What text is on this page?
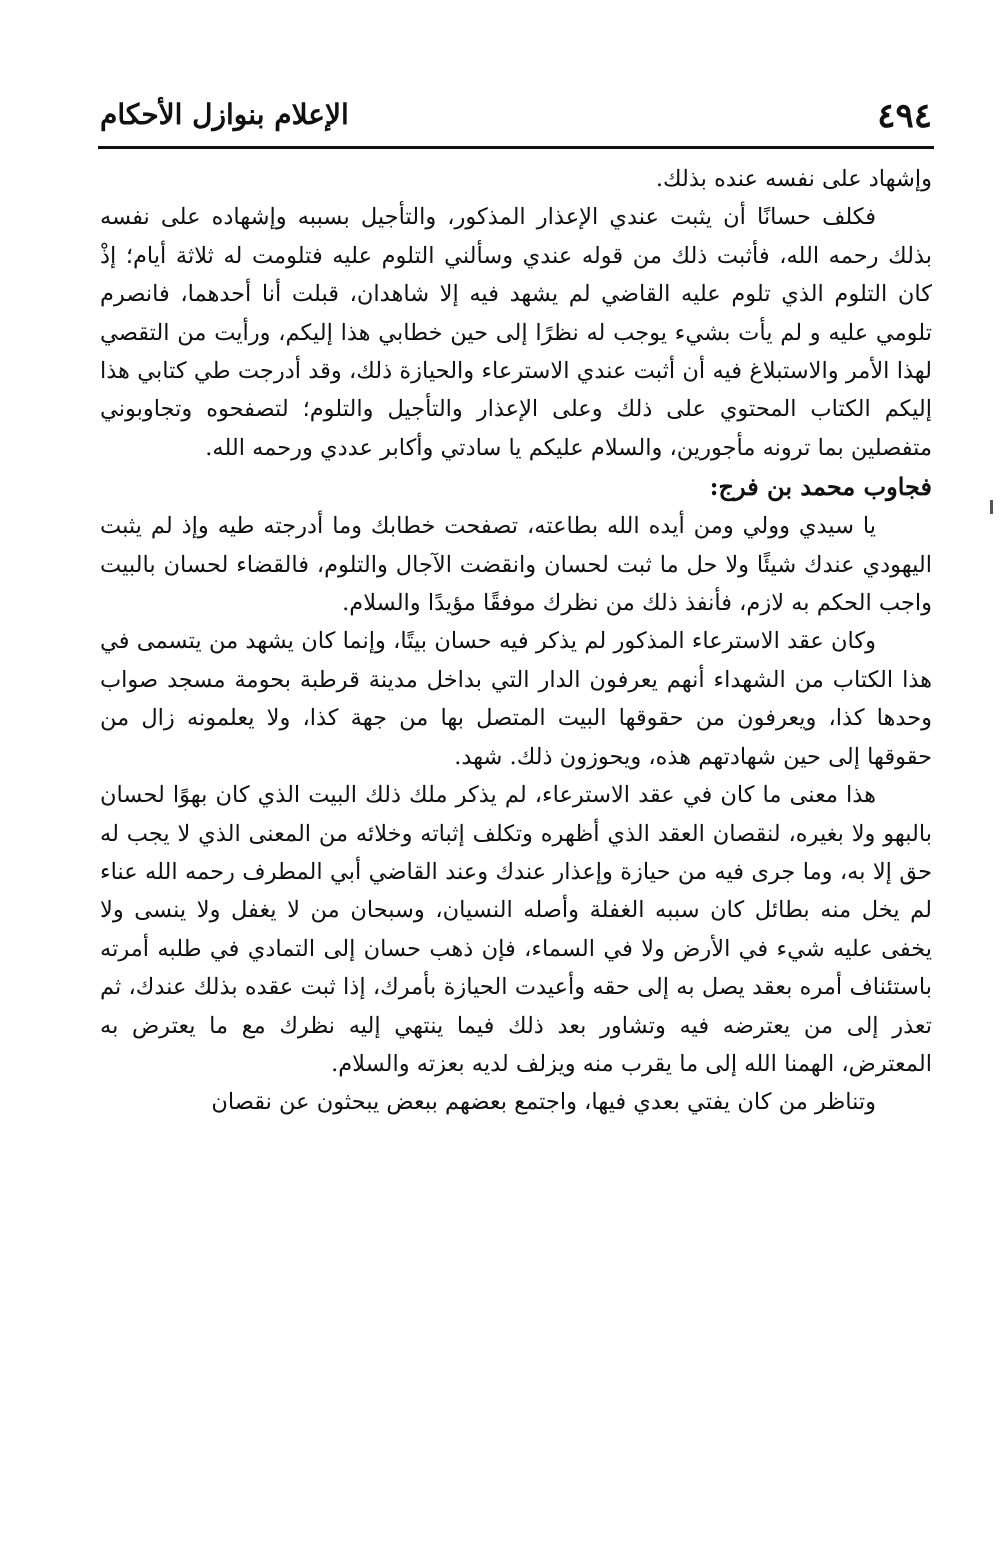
٤٩٤
الإعلام بنوازل الأحكام

وإشهاد على نفسه عنده بذلك.

فكلف حسانًا أن يثبت عندي الإعذار المذكور، والتأجيل بسببه وإشهاده على نفسه بذلك رحمه الله، فأثبت ذلك من قوله عندي وسألني التلوم عليه فتلومت له ثلاثة أيام؛ إذْ كان التلوم الذي تلوم عليه القاضي لم يشهد فيه إلا شاهدان، قبلت أنا أحدهما، فانصرم تلومي عليه و لم يأت بشيء يوجب له نظرًا إلى حين خطابي هذا إليكم، ورأيت من التقصي لهذا الأمر والاستبلاغ فيه أن أثبت عندي الاسترعاء والحيازة ذلك، وقد أدرجت طي كتابي هذا إليكم الكتاب المحتوي على ذلك وعلى الإعذار والتأجيل والتلوم؛ لتصفحوه وتجاوبوني متفصلين بما ترونه مأجورين، والسلام عليكم يا سادتي وأكابر عددي ورحمه الله.

فجاوب محمد بن فرج:

يا سيدي وولي ومن أيده الله بطاعته، تصفحت خطابك وما أدرجته طيه وإذ لم يثبت اليهودي عندك شيئًا ولا حل ما ثبت لحسان وانقضت الآجال والتلوم، فالقضاء لحسان بالبيت واجب الحكم به لازم، فأنفذ ذلك من نظرك موفقًا مؤيدًا والسلام.

وكان عقد الاسترعاء المذكور لم يذكر فيه حسان بيتًا، وإنما كان يشهد من يتسمى في هذا الكتاب من الشهداء أنهم يعرفون الدار التي بداخل مدينة قرطبة بحومة مسجد صواب وحدها كذا، ويعرفون من حقوقها البيت المتصل بها من جهة كذا، ولا يعلمونه زال من حقوقها إلى حين شهادتهم هذه، ويحوزون ذلك. شهد.

هذا معنى ما كان في عقد الاسترعاء، لم يذكر ملك ذلك البيت الذي كان بهوًا لحسان بالبهو ولا بغيره، لنقصان العقد الذي أظهره وتكلف إثباته وخلائه من المعنى الذي لا يجب له حق إلا به، وما جرى فيه من حيازة وإعذار عندك وعند القاضي أبي المطرف رحمه الله عناء لم يخل منه بطائل كان سببه الغفلة وأصله النسيان، وسبحان من لا يغفل ولا ينسى ولا يخفى عليه شيء في الأرض ولا في السماء، فإن ذهب حسان إلى التمادي في طلبه أمرته باستئناف أمره بعقد يصل به إلى حقه وأعيدت الحيازة بأمرك، إذا ثبت عقده بذلك عندك، ثم تعذر إلى من يعترضه فيه وتشاور بعد ذلك فيما ينتهي إليه نظرك مع ما يعترض به المعترض، الهمنا الله إلى ما يقرب منه ويزلف لديه بعزته والسلام.

وتناظر من كان يفتي بعدي فيها، واجتمع بعضهم ببعض يبحثون عن نقصان
